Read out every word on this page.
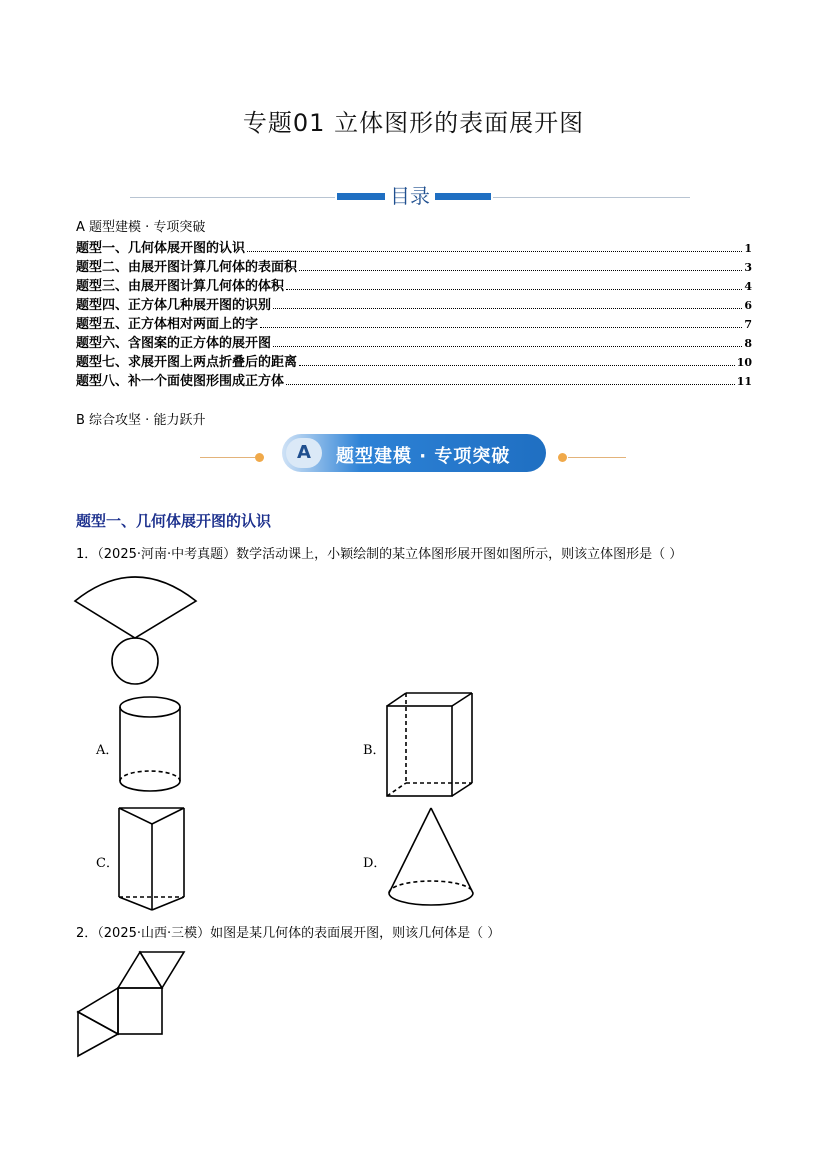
专题01 立体图形的表面展开图
目录
A 题型建模 · 专项突破
题型一、几何体展开图的认识	1
题型二、由展开图计算几何体的表面积	3
题型三、由展开图计算几何体的体积	4
题型四、正方体几种展开图的识别	6
题型五、正方体相对两面上的字	7
题型六、含图案的正方体的展开图	8
题型七、求展开图上两点折叠后的距离	10
题型八、补一个面使图形围成正方体	11
B 综合攻坚 · 能力跃升
A	题型建模 · 专项突破
题型一、几何体展开图的认识
1．（2025·河南·中考真题）数学活动课上，小颖绘制的某立体图形展开图如图所示，则该立体图形是（ ）
A．	B．
C．	D．
2．（2025·山西·三模）如图是某几何体的表面展开图，则该几何体是（ ）
